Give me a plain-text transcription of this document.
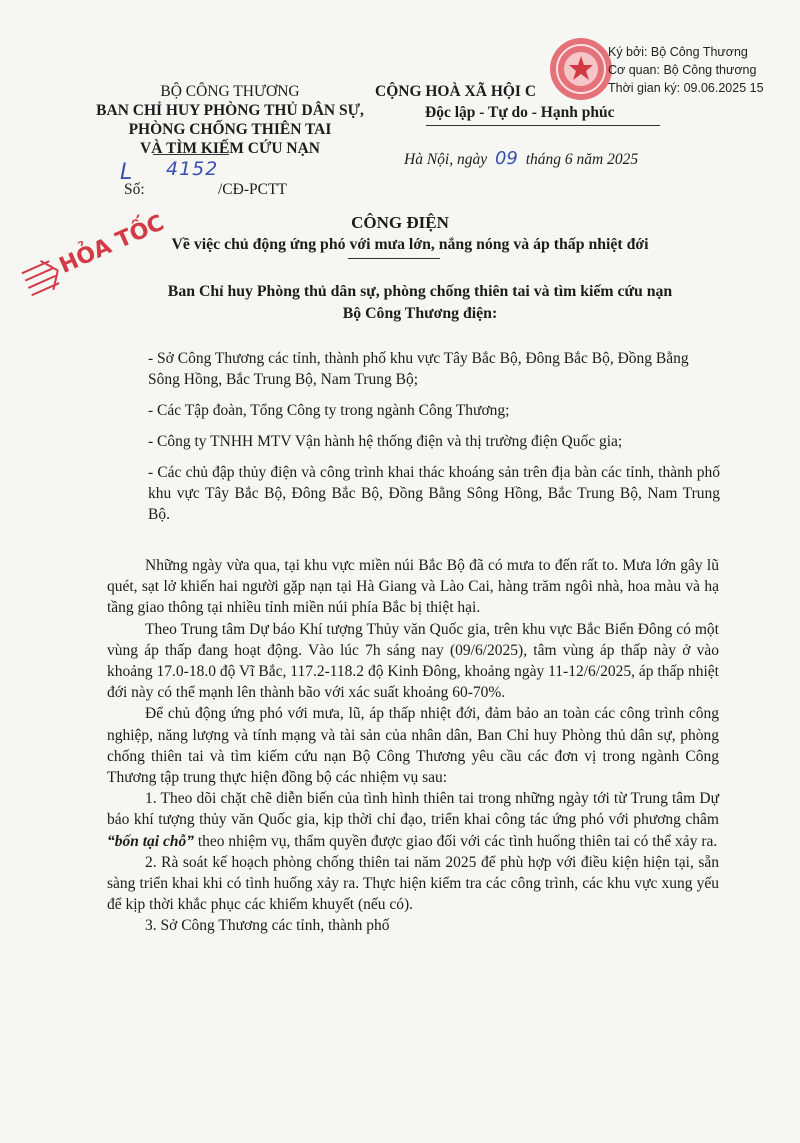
Ký bởi: Bộ Công Thương
Cơ quan: Bộ Công thương
Thời gian ký: 09.06.2025 15
BỘ CÔNG THƯƠNG
BAN CHỈ HUY PHÒNG THỦ DÂN SỰ,
PHÒNG CHỐNG THIÊN TAI
VÀ TÌM KIẾM CỨU NẠN
L 4152
Số:	/CĐ-PCTT
CỘNG HOÀ XÃ HỘI C
Độc lập - Tự do - Hạnh phúc
Hà Nội, ngày 09 tháng 6 năm 2025
HỎA TỐC	CÔNG ĐIỆN
Về việc chủ động ứng phó với mưa lớn, nắng nóng và áp thấp nhiệt đới
Ban Chỉ huy Phòng thủ dân sự, phòng chống thiên tai và tìm kiếm cứu nạn
Bộ Công Thương điện:
- Sở Công Thương các tỉnh, thành phố khu vực Tây Bắc Bộ, Đông Bắc Bộ, Đồng Bằng Sông Hồng, Bắc Trung Bộ, Nam Trung Bộ;
- Các Tập đoàn, Tổng Công ty trong ngành Công Thương;
- Công ty TNHH MTV Vận hành hệ thống điện và thị trường điện Quốc gia;
- Các chủ đập thủy điện và công trình khai thác khoáng sản trên địa bàn các tỉnh, thành phố khu vực Tây Bắc Bộ, Đông Bắc Bộ, Đồng Bằng Sông Hồng, Bắc Trung Bộ, Nam Trung Bộ.

Những ngày vừa qua, tại khu vực miền núi Bắc Bộ đã có mưa to đến rất to. Mưa lớn gây lũ quét, sạt lở khiến hai người gặp nạn tại Hà Giang và Lào Cai, hàng trăm ngôi nhà, hoa màu và hạ tầng giao thông tại nhiều tỉnh miền núi phía Bắc bị thiệt hại.

Theo Trung tâm Dự báo Khí tượng Thủy văn Quốc gia, trên khu vực Bắc Biển Đông có một vùng áp thấp đang hoạt động. Vào lúc 7h sáng nay (09/6/2025), tâm vùng áp thấp này ở vào khoảng 17.0-18.0 độ Vĩ Bắc, 117.2-118.2 độ Kinh Đông, khoảng ngày 11-12/6/2025, áp thấp nhiệt đới này có thể mạnh lên thành bão với xác suất khoảng 60-70%.

Để chủ động ứng phó với mưa, lũ, áp thấp nhiệt đới, đảm bảo an toàn các công trình công nghiệp, năng lượng và tính mạng và tài sản của nhân dân, Ban Chỉ huy Phòng thủ dân sự, phòng chống thiên tai và tìm kiếm cứu nạn Bộ Công Thương yêu cầu các đơn vị trong ngành Công Thương tập trung thực hiện đồng bộ các nhiệm vụ sau:

1. Theo dõi chặt chẽ diễn biến của tình hình thiên tai trong những ngày tới từ Trung tâm Dự báo khí tượng thủy văn Quốc gia, kịp thời chỉ đạo, triển khai công tác ứng phó với phương châm “bốn tại chỗ” theo nhiệm vụ, thẩm quyền được giao đối với các tình huống thiên tai có thể xảy ra.

2. Rà soát kế hoạch phòng chống thiên tai năm 2025 để phù hợp với điều kiện hiện tại, sẵn sàng triển khai khi có tình huống xảy ra. Thực hiện kiểm tra các công trình, các khu vực xung yếu để kịp thời khắc phục các khiếm khuyết (nếu có).

3. Sở Công Thương các tỉnh, thành phố
